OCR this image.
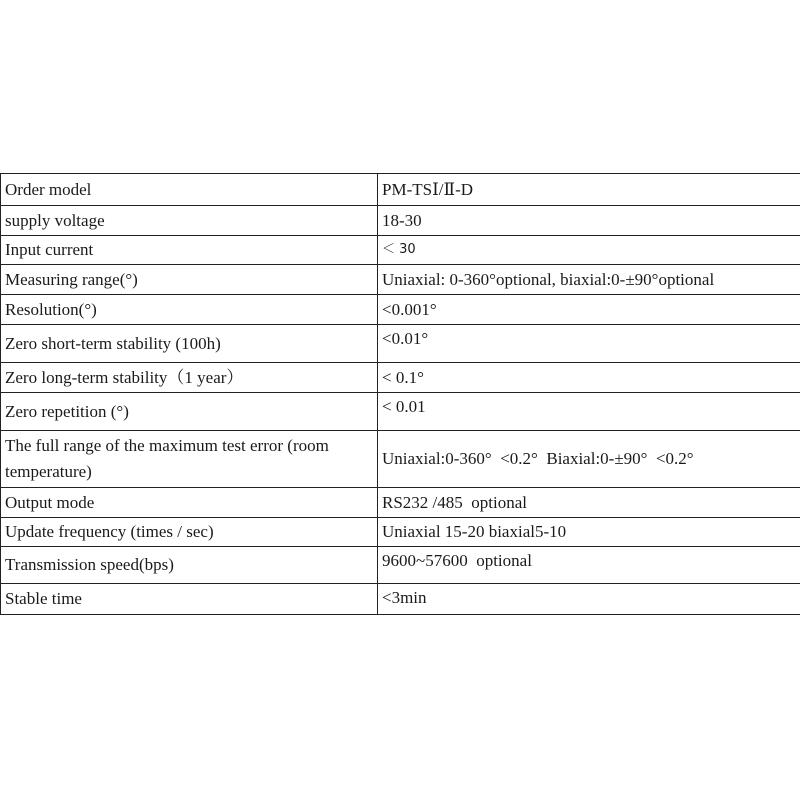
Order model	PM-TSⅠ/Ⅱ-D
supply voltage	18-30
Input current	＜ 30
Measuring range(°)	Uniaxial: 0-360°optional, biaxial:0-±90°optional
Resolution(°)	<0.001°
Zero short-term stability (100h)	<0.01°
Zero long-term stability（1 year）	< 0.1°
Zero repetition (°)	< 0.01
The full range of the maximum test error (room temperature)	Uniaxial:0-360°  <0.2°  Biaxial:0-±90°  <0.2°
Output mode	RS232 /485  optional
Update frequency (times / sec)	Uniaxial 15-20 biaxial5-10
Transmission speed(bps)	9600~57600  optional
Stable time	<3min
